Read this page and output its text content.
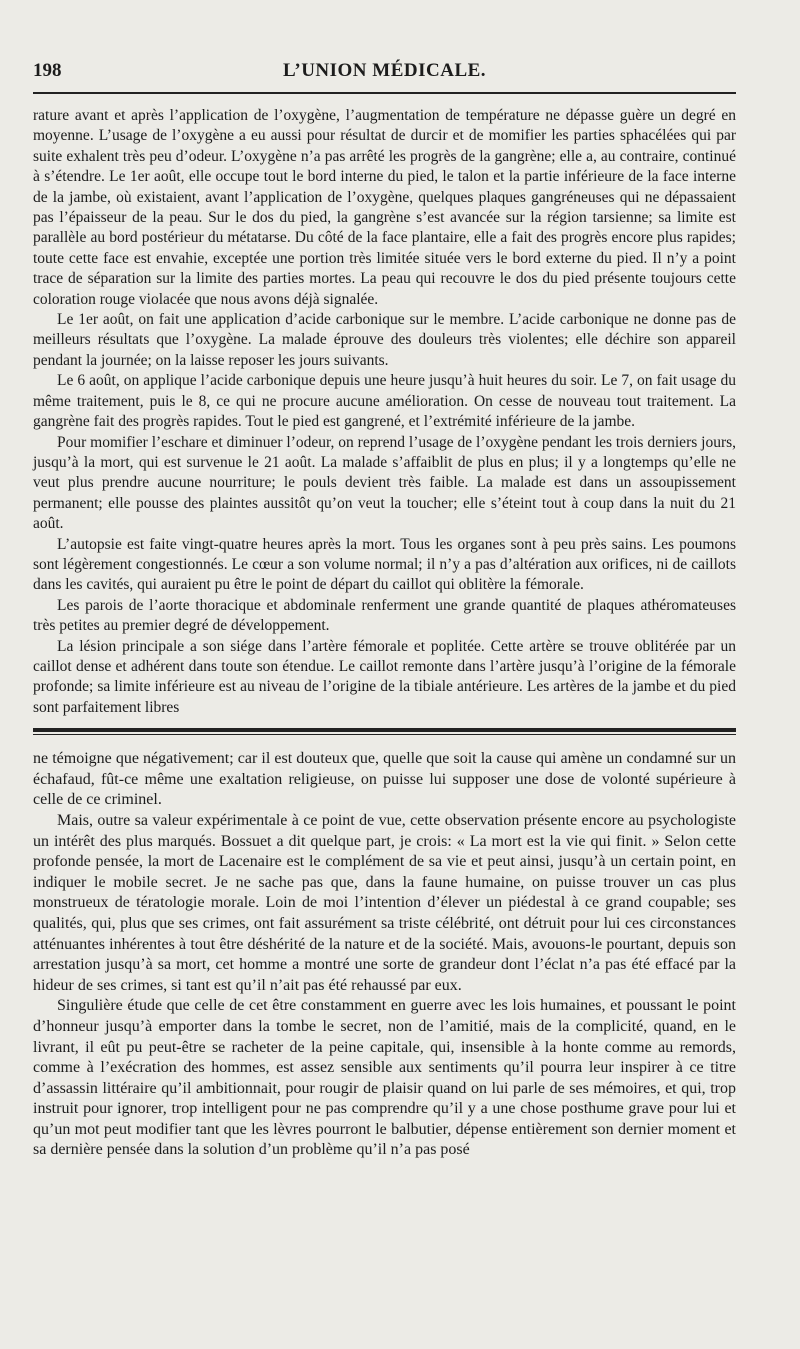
198	L’UNION MÉDICALE.

rature avant et après l’application de l’oxygène, l’augmentation de température ne dépasse guère un degré en moyenne. L’usage de l’oxygène a eu aussi pour résultat de durcir et de momifier les parties sphacélées qui par suite exhalent très peu d’odeur. L’oxygène n’a pas arrêté les progrès de la gangrène; elle a, au contraire, continué à s’étendre. Le 1er août, elle occupe tout le bord interne du pied, le talon et la partie inférieure de la face interne de la jambe, où existaient, avant l’application de l’oxygène, quelques plaques gangréneuses qui ne dépassaient pas l’épaisseur de la peau. Sur le dos du pied, la gangrène s’est avancée sur la région tarsienne; sa limite est parallèle au bord postérieur du métatarse. Du côté de la face plantaire, elle a fait des progrès encore plus rapides; toute cette face est envahie, exceptée une portion très limitée située vers le bord externe du pied. Il n’y a point trace de séparation sur la limite des parties mortes. La peau qui recouvre le dos du pied présente toujours cette coloration rouge violacée que nous avons déjà signalée.

Le 1er août, on fait une application d’acide carbonique sur le membre. L’acide carbonique ne donne pas de meilleurs résultats que l’oxygène. La malade éprouve des douleurs très violentes; elle déchire son appareil pendant la journée; on la laisse reposer les jours suivants.

Le 6 août, on applique l’acide carbonique depuis une heure jusqu’à huit heures du soir. Le 7, on fait usage du même traitement, puis le 8, ce qui ne procure aucune amélioration. On cesse de nouveau tout traitement. La gangrène fait des progrès rapides. Tout le pied est gangrené, et l’extrémité inférieure de la jambe.

Pour momifier l’eschare et diminuer l’odeur, on reprend l’usage de l’oxygène pendant les trois derniers jours, jusqu’à la mort, qui est survenue le 21 août. La malade s’affaiblit de plus en plus; il y a longtemps qu’elle ne veut plus prendre aucune nourriture; le pouls devient très faible. La malade est dans un assoupissement permanent; elle pousse des plaintes aussitôt qu’on veut la toucher; elle s’éteint tout à coup dans la nuit du 21 août.

L’autopsie est faite vingt-quatre heures après la mort. Tous les organes sont à peu près sains. Les poumons sont légèrement congestionnés. Le cœur a son volume normal; il n’y a pas d’altération aux orifices, ni de caillots dans les cavités, qui auraient pu être le point de départ du caillot qui oblitère la fémorale.

Les parois de l’aorte thoracique et abdominale renferment une grande quantité de plaques athéromateuses très petites au premier degré de développement.

La lésion principale a son siége dans l’artère fémorale et poplitée. Cette artère se trouve oblitérée par un caillot dense et adhérent dans toute son étendue. Le caillot remonte dans l’artère jusqu’à l’origine de la fémorale profonde; sa limite inférieure est au niveau de l’origine de la tibiale antérieure. Les artères de la jambe et du pied sont parfaitement libres

ne témoigne que négativement; car il est douteux que, quelle que soit la cause qui amène un condamné sur un échafaud, fût-ce même une exaltation religieuse, on puisse lui supposer une dose de volonté supérieure à celle de ce criminel.

Mais, outre sa valeur expérimentale à ce point de vue, cette observation présente encore au psychologiste un intérêt des plus marqués. Bossuet a dit quelque part, je crois: « La mort est la vie qui finit. » Selon cette profonde pensée, la mort de Lacenaire est le complément de sa vie et peut ainsi, jusqu’à un certain point, en indiquer le mobile secret. Je ne sache pas que, dans la faune humaine, on puisse trouver un cas plus monstrueux de tératologie morale. Loin de moi l’intention d’élever un piédestal à ce grand coupable; ses qualités, qui, plus que ses crimes, ont fait assurément sa triste célébrité, ont détruit pour lui ces circonstances atténuantes inhérentes à tout être déshérité de la nature et de la société. Mais, avouons-le pourtant, depuis son arrestation jusqu’à sa mort, cet homme a montré une sorte de grandeur dont l’éclat n’a pas été effacé par la hideur de ses crimes, si tant est qu’il n’ait pas été rehaussé par eux.

Singulière étude que celle de cet être constamment en guerre avec les lois humaines, et poussant le point d’honneur jusqu’à emporter dans la tombe le secret, non de l’amitié, mais de la complicité, quand, en le livrant, il eût pu peut-être se racheter de la peine capitale, qui, insensible à la honte comme au remords, comme à l’exécration des hommes, est assez sensible aux sentiments qu’il pourra leur inspirer à ce titre d’assassin littéraire qu’il ambitionnait, pour rougir de plaisir quand on lui parle de ses mémoires, et qui, trop instruit pour ignorer, trop intelligent pour ne pas comprendre qu’il y a une chose posthume grave pour lui et qu’un mot peut modifier tant que les lèvres pourront le balbutier, dépense entièrement son dernier moment et sa dernière pensée dans la solution d’un problème qu’il n’a pas posé
